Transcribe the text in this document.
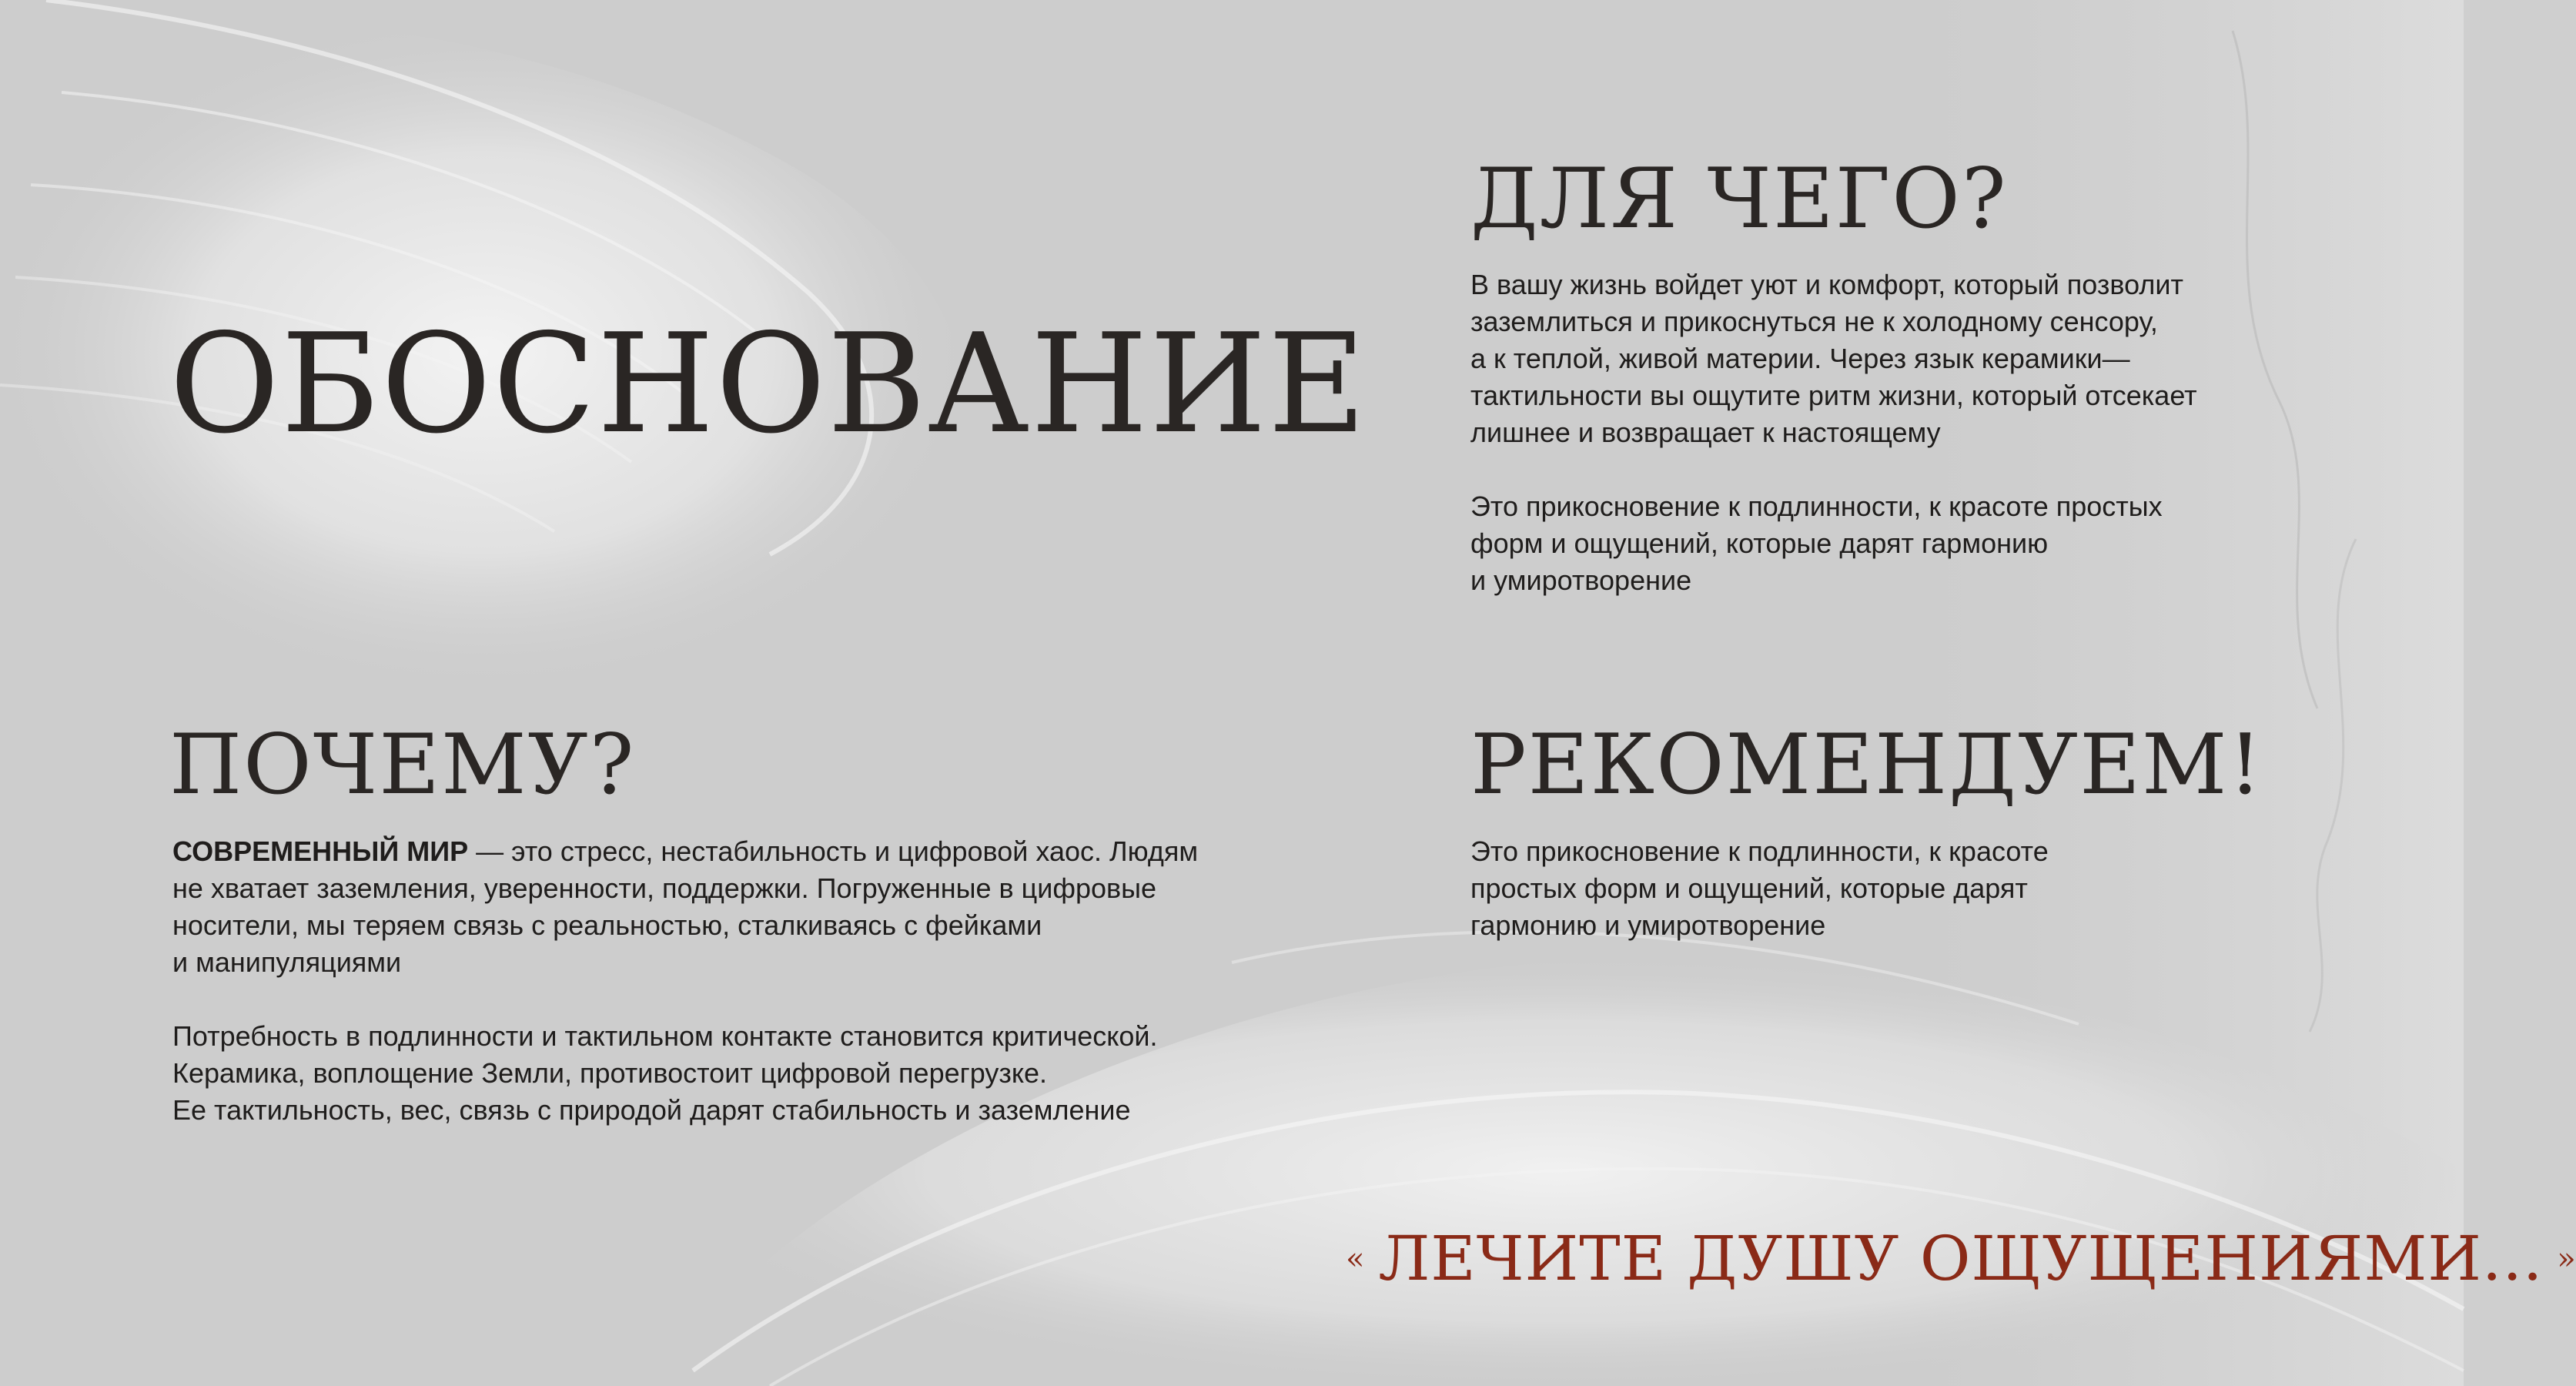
ОБОСНОВАНИЕ
ДЛЯ ЧЕГО?

В вашу жизнь войдет уют и комфорт, который позволит
заземлиться и прикоснуться не к холодному сенсору,
а к теплой, живой материи. Через язык керамики—
тактильности вы ощутите ритм жизни, который отсекает
лишнее и возвращает к настоящему

Это прикосновение к подлинности, к красоте простых
форм и ощущений, которые дарят гармонию
и умиротворение

ПОЧЕМУ?

СОВРЕМЕННЫЙ МИР — это стресс, нестабильность и цифровой хаос. Людям
не хватает заземления, уверенности, поддержки. Погруженные в цифровые
носители, мы теряем связь с реальностью, сталкиваясь с фейками
и манипуляциями

Потребность в подлинности и тактильном контакте становится критической.
Керамика, воплощение Земли, противостоит цифровой перегрузке.
Ее тактильность, вес, связь с природой дарят стабильность и заземление

РЕКОМЕНДУЕМ!

Это прикосновение к подлинности, к красоте
простых форм и ощущений, которые дарят
гармонию и умиротворение

« ЛЕЧИТЕ ДУШУ ОЩУЩЕНИЯМИ... »
